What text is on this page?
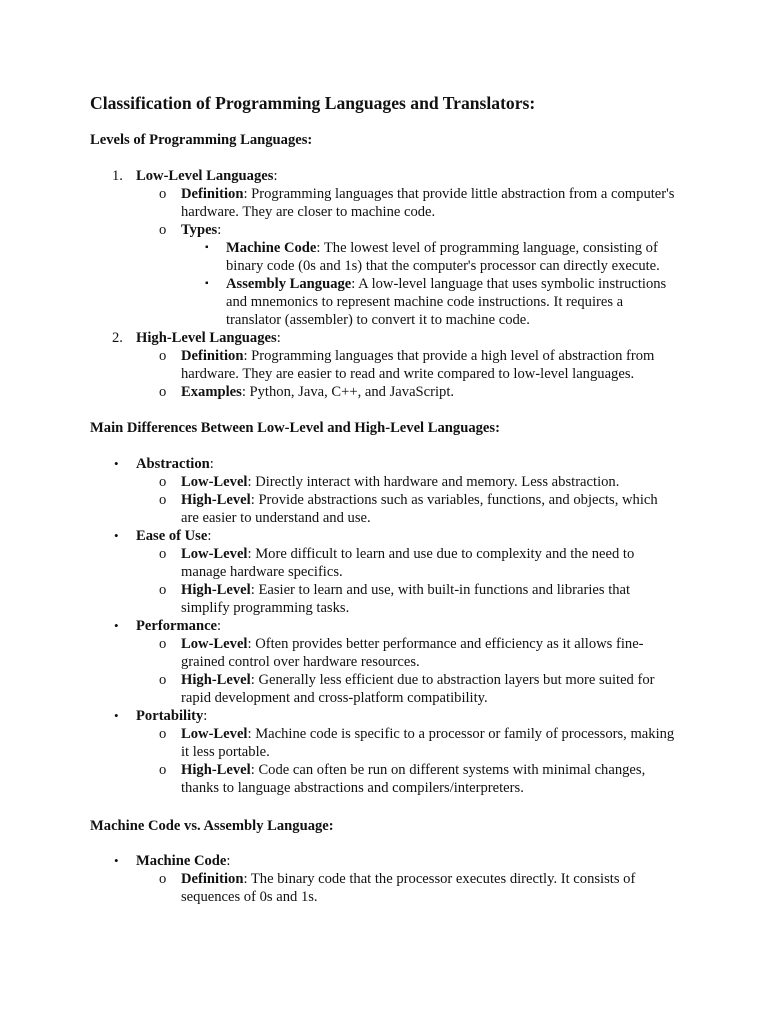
Classification of Programming Languages and Translators:
Levels of Programming Languages:
1. Low-Level Languages:
o Definition: Programming languages that provide little abstraction from a computer's hardware. They are closer to machine code.
o Types:
▪ Machine Code: The lowest level of programming language, consisting of binary code (0s and 1s) that the computer's processor can directly execute.
▪ Assembly Language: A low-level language that uses symbolic instructions and mnemonics to represent machine code instructions. It requires a translator (assembler) to convert it to machine code.
2. High-Level Languages:
o Definition: Programming languages that provide a high level of abstraction from hardware. They are easier to read and write compared to low-level languages.
o Examples: Python, Java, C++, and JavaScript.
Main Differences Between Low-Level and High-Level Languages:
• Abstraction:
o Low-Level: Directly interact with hardware and memory. Less abstraction.
o High-Level: Provide abstractions such as variables, functions, and objects, which are easier to understand and use.
• Ease of Use:
o Low-Level: More difficult to learn and use due to complexity and the need to manage hardware specifics.
o High-Level: Easier to learn and use, with built-in functions and libraries that simplify programming tasks.
• Performance:
o Low-Level: Often provides better performance and efficiency as it allows fine-grained control over hardware resources.
o High-Level: Generally less efficient due to abstraction layers but more suited for rapid development and cross-platform compatibility.
• Portability:
o Low-Level: Machine code is specific to a processor or family of processors, making it less portable.
o High-Level: Code can often be run on different systems with minimal changes, thanks to language abstractions and compilers/interpreters.
Machine Code vs. Assembly Language:
• Machine Code:
o Definition: The binary code that the processor executes directly. It consists of sequences of 0s and 1s.
